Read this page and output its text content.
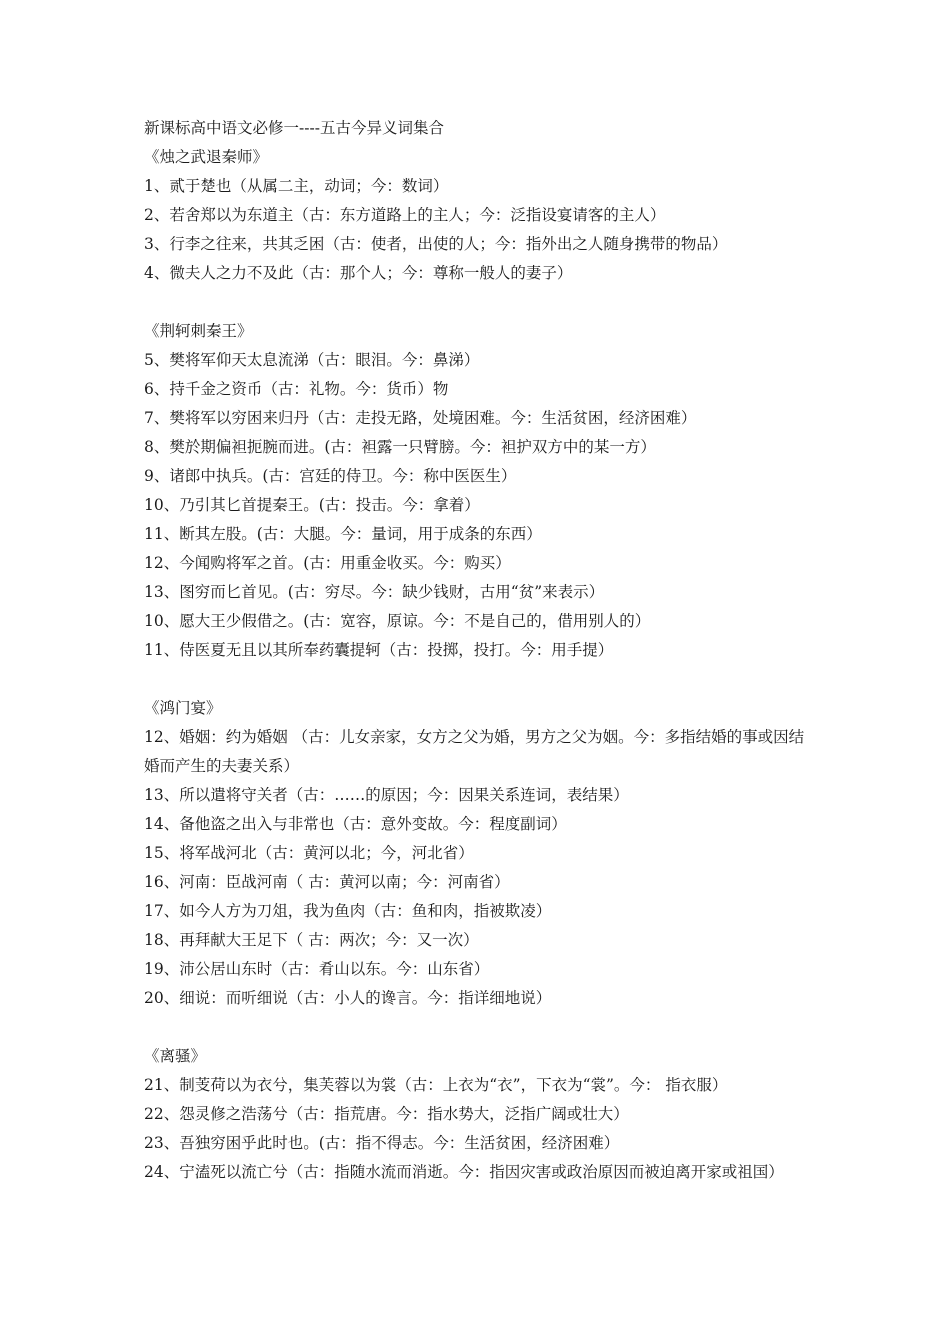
新课标高中语文必修一----五古今异义词集合
《烛之武退秦师》
1、贰于楚也（从属二主，动词；今：数词）
2、若舍郑以为东道主（古：东方道路上的主人；今：泛指设宴请客的主人）
3、行李之往来，共其乏困（古：使者，出使的人；今：指外出之人随身携带的物品）
4、微夫人之力不及此（古：那个人；今：尊称一般人的妻子）
《荆轲刺秦王》
5、樊将军仰天太息流涕（古：眼泪。今：鼻涕）
6、持千金之资币（古：礼物。今：货币）物
7、樊将军以穷困来归丹（古：走投无路，处境困难。今：生活贫困，经济困难）
8、樊於期偏袒扼腕而进。(古：袒露一只臂膀。今：袒护双方中的某一方）
9、诸郎中执兵。(古：宫廷的侍卫。今：称中医医生）
10、乃引其匕首提秦王。(古：投击。今：拿着）
11、断其左股。(古：大腿。今：量词，用于成条的东西）
12、今闻购将军之首。(古：用重金收买。今：购买）
13、图穷而匕首见。(古：穷尽。今：缺少钱财，古用“贫”来表示）
10、愿大王少假借之。(古：宽容，原谅。今：不是自己的，借用别人的）
11、侍医夏无且以其所奉药囊提轲（古：投掷，投打。今：用手提）
《鸿门宴》
12、婚姻：约为婚姻 （古：儿女亲家，女方之父为婚，男方之父为姻。今：多指结婚的事或因结婚而产生的夫妻关系）
13、所以遣将守关者（古：……的原因；今：因果关系连词，表结果）
14、备他盗之出入与非常也（古：意外变故。今：程度副词）
15、将军战河北（古：黄河以北；今，河北省）
16、河南：臣战河南（ 古：黄河以南；今：河南省）
17、如今人方为刀俎，我为鱼肉（古：鱼和肉，指被欺凌）
18、再拜献大王足下（ 古：两次；今：又一次）
19、沛公居山东时（古：肴山以东。今：山东省）
20、细说：而听细说（古：小人的谗言。今：指详细地说）
《离骚》
21、制芰荷以为衣兮，集芙蓉以为裳（古：上衣为“衣”，下衣为“裳”。今： 指衣服）
22、怨灵修之浩荡兮（古：指荒唐。今：指水势大，泛指广阔或壮大）
23、吾独穷困乎此时也。(古：指不得志。今：生活贫困，经济困难）
24、宁溘死以流亡兮（古：指随水流而消逝。今：指因灾害或政治原因而被迫离开家或祖国）
